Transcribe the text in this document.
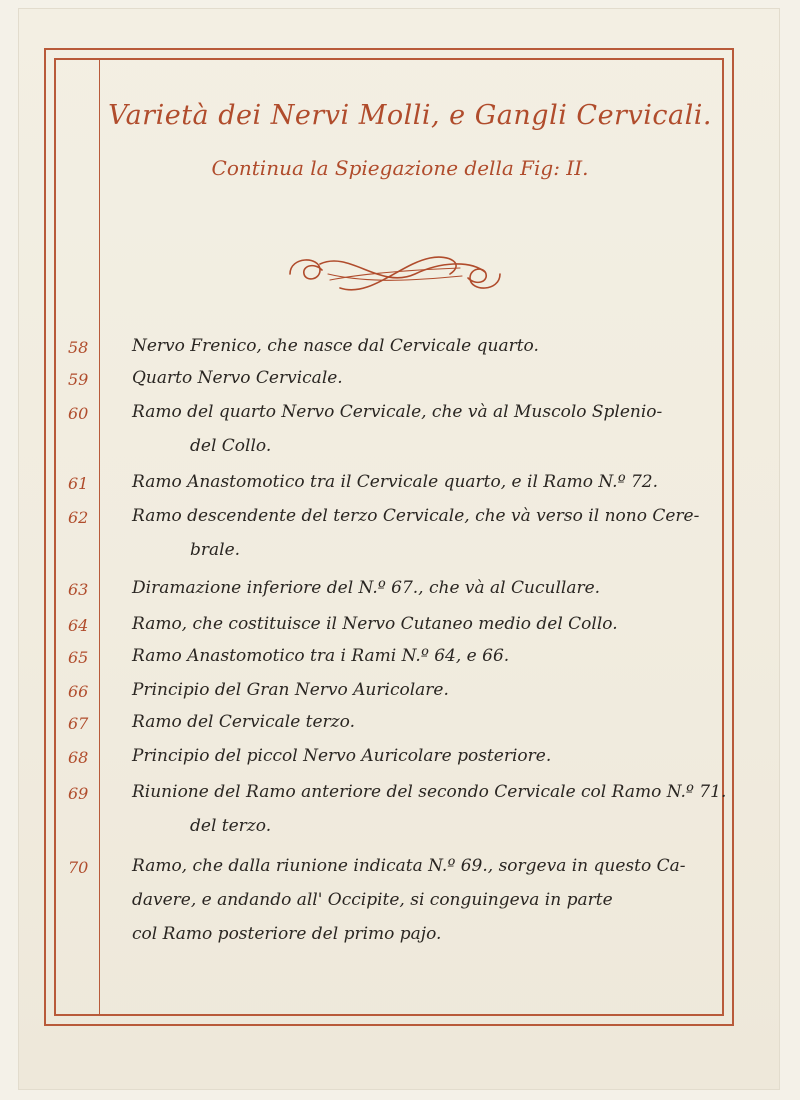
Varietà dei Nervi Molli, e Gangli Cervicali.
Continua la Spiegazione della Fig: II.
58	Nervo Frenico, che nasce dal Cervicale quarto.
59	Quarto Nervo Cervicale.
60	Ramo del quarto Nervo Cervicale, che và al Muscolo Splenio-
del Collo.
61	Ramo Anastomotico tra il Cervicale quarto, e il Ramo N.º 72.
62	Ramo descendente del terzo Cervicale, che và verso il nono Cere-
brale.
63	Diramazione inferiore del N.º 67., che và al Cucullare.
64	Ramo, che costituisce il Nervo Cutaneo medio del Collo.
65	Ramo Anastomotico tra i Rami N.º 64, e 66.
66	Principio del Gran Nervo Auricolare.
67	Ramo del Cervicale terzo.
68	Principio del piccol Nervo Auricolare posteriore.
69	Riunione del Ramo anteriore del secondo Cervicale col Ramo N.º 71.
del terzo.
70	Ramo, che dalla riunione indicata N.º 69., sorgeva in questo Ca-
davere, e andando all' Occipite, si conguingeva in parte
col Ramo posteriore del primo pajo.
